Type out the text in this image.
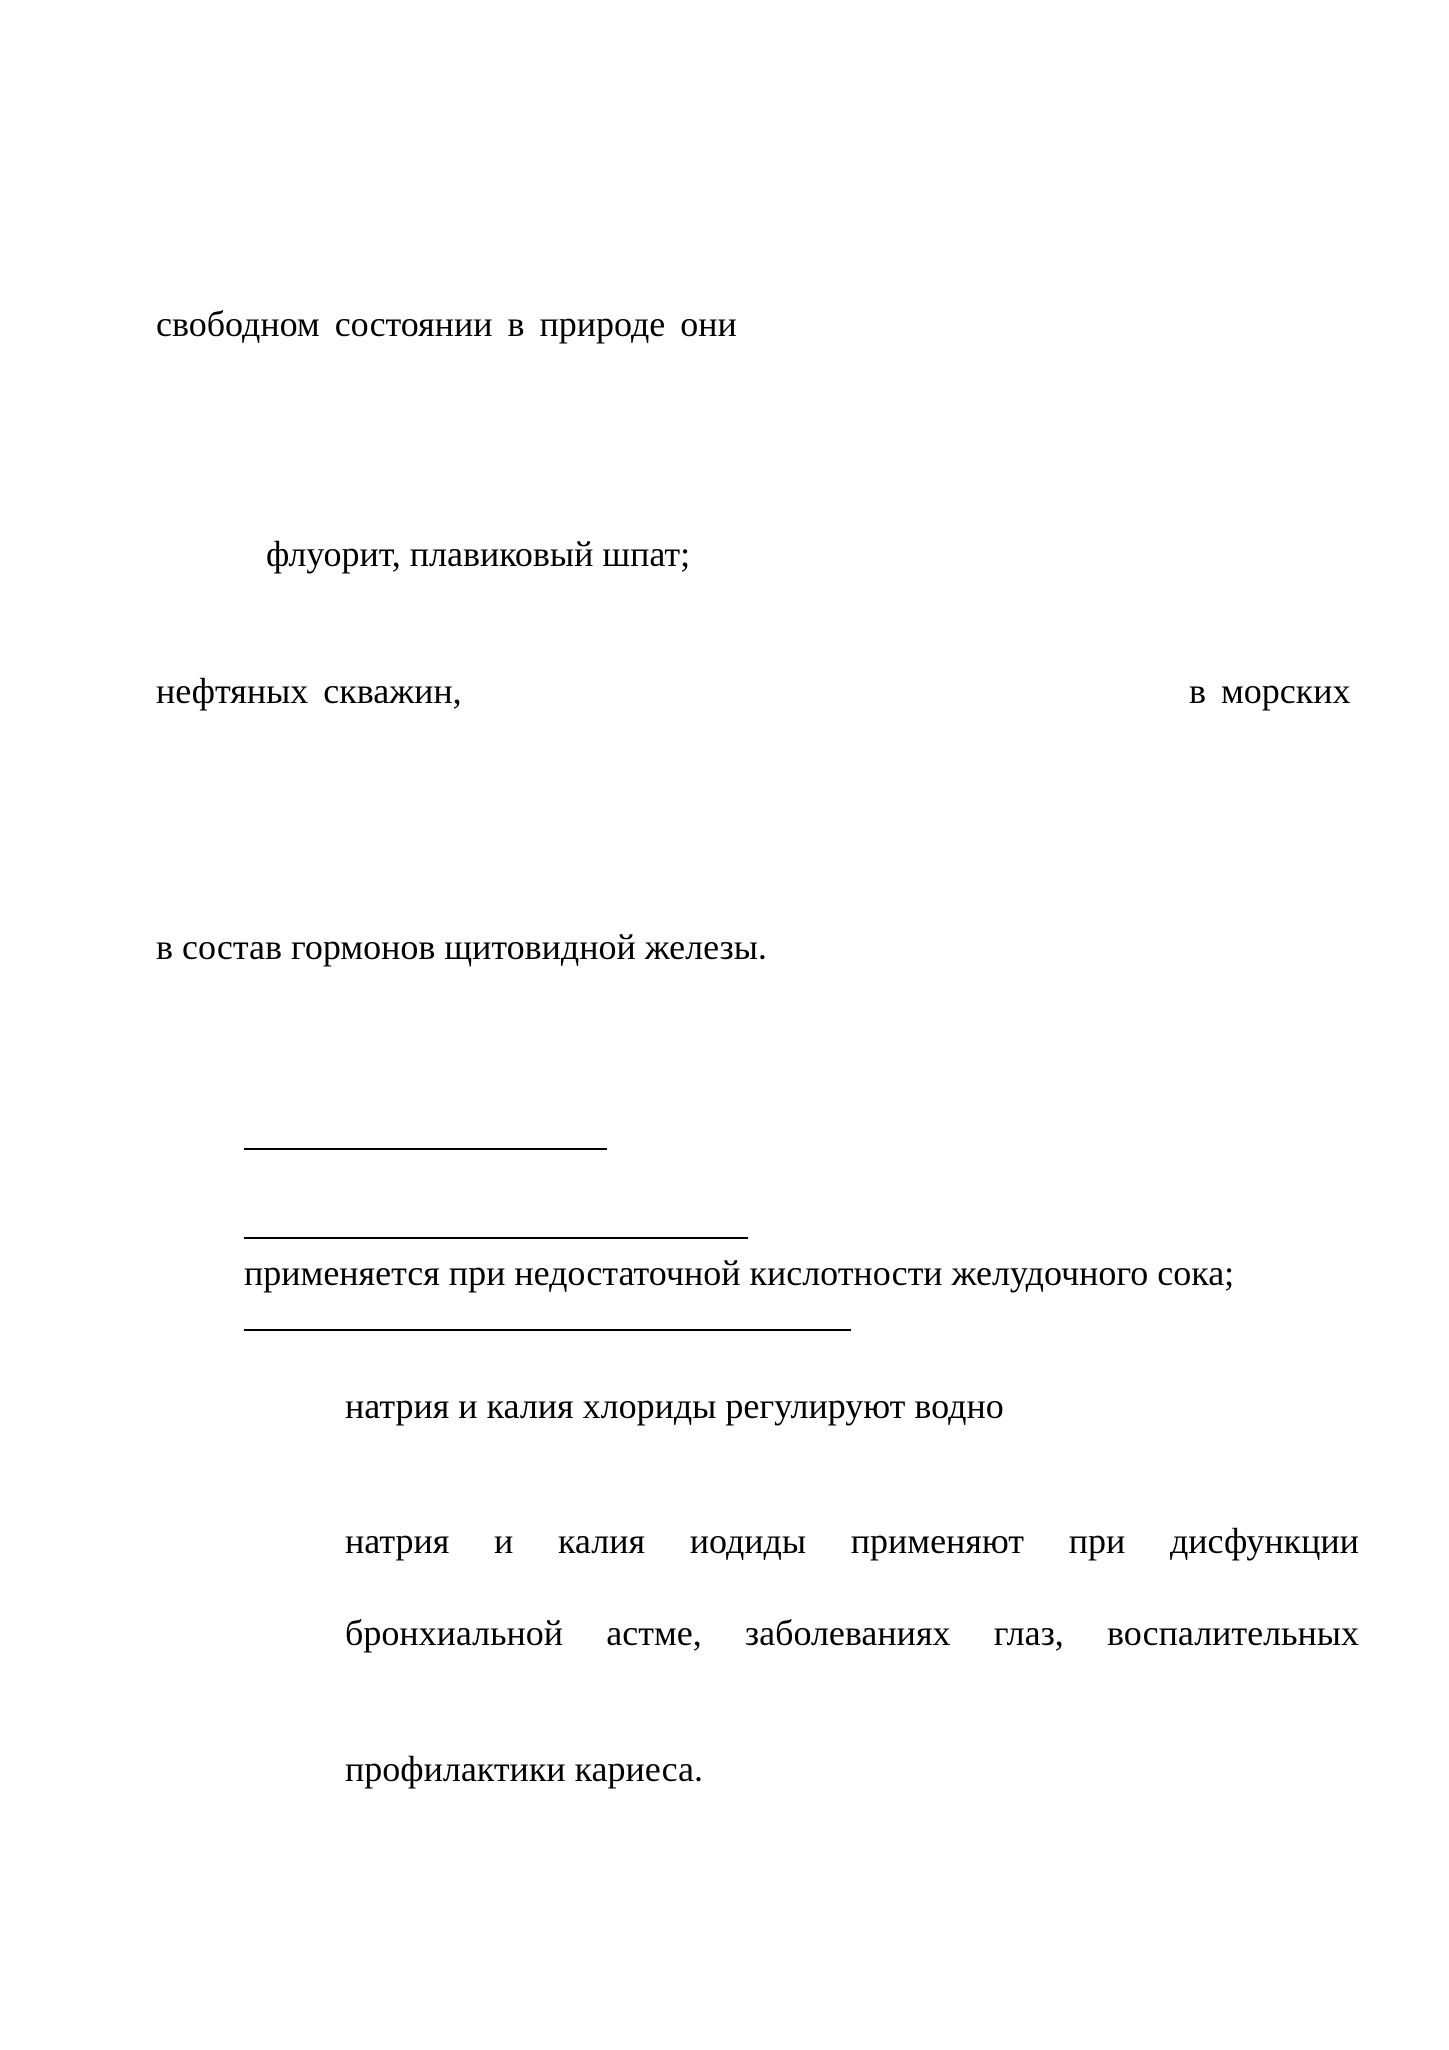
свободном состоянии в природе они

флуорит, плавиковый шпат;

нефтяных скважин,	в морских

в состав гормонов щитовидной железы.

применяется при недостаточной кислотности желудочного сока;

натрия и калия хлориды регулируют водно

натрия и калия иодиды применяют при дисфункции

бронхиальной астме, заболеваниях глаз, воспалительных

профилактики кариеса.
